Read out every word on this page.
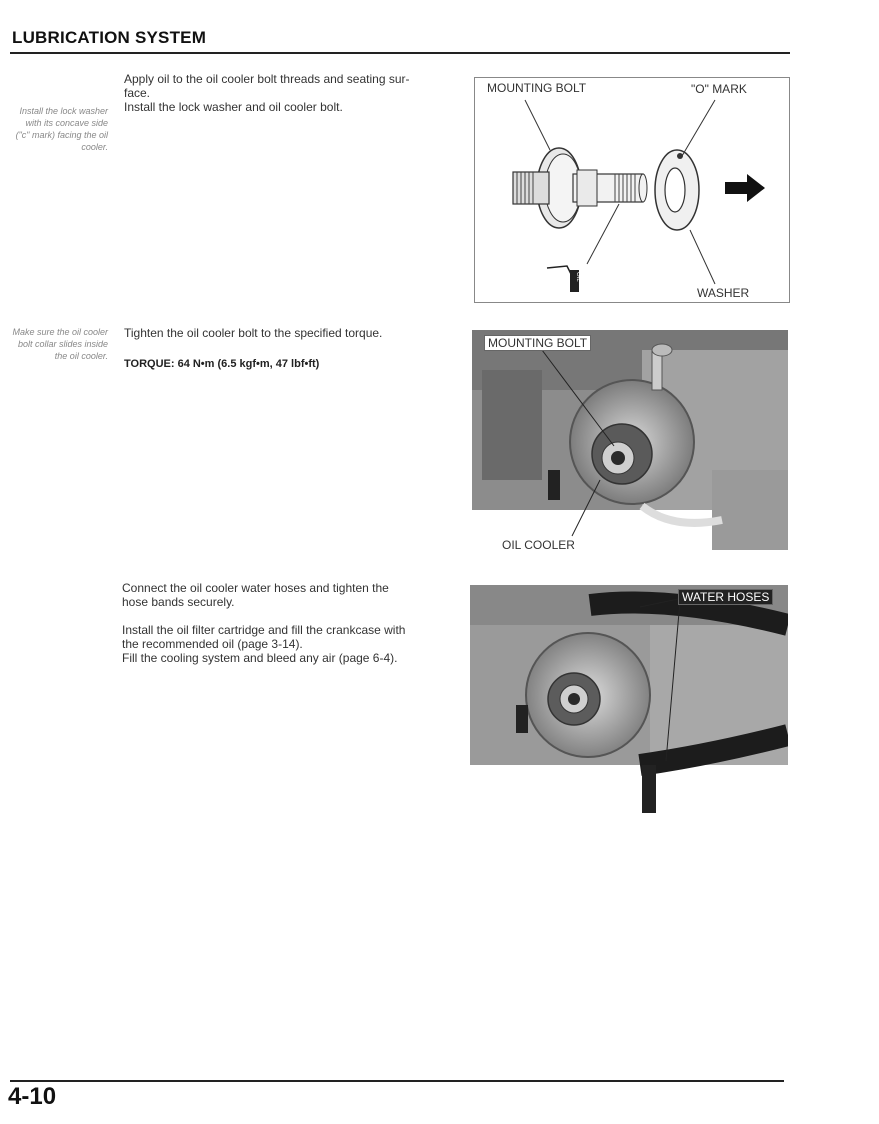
LUBRICATION SYSTEM
Install the lock washer with its concave side ("c" mark) facing the oil cooler.

Apply oil to the oil cooler bolt threads and seating sur-

face.

Install the lock washer and oil cooler bolt.

MOUNTING BOLT	"O" MARK
WASHER
OIL
Make sure the oil cooler bolt collar slides inside the oil cooler.
Tighten the oil cooler bolt to the specified torque.
TORQUE: 64 N•m (6.5 kgf•m, 47 lbf•ft)
MOUNTING BOLT
OIL COOLER

Connect the oil cooler water hoses and tighten the

hose bands securely.

Install the oil filter cartridge and fill the crankcase with

the recommended oil (page 3-14).

Fill the cooling system and bleed any air (page 6-4).

WATER HOSES
4-10
